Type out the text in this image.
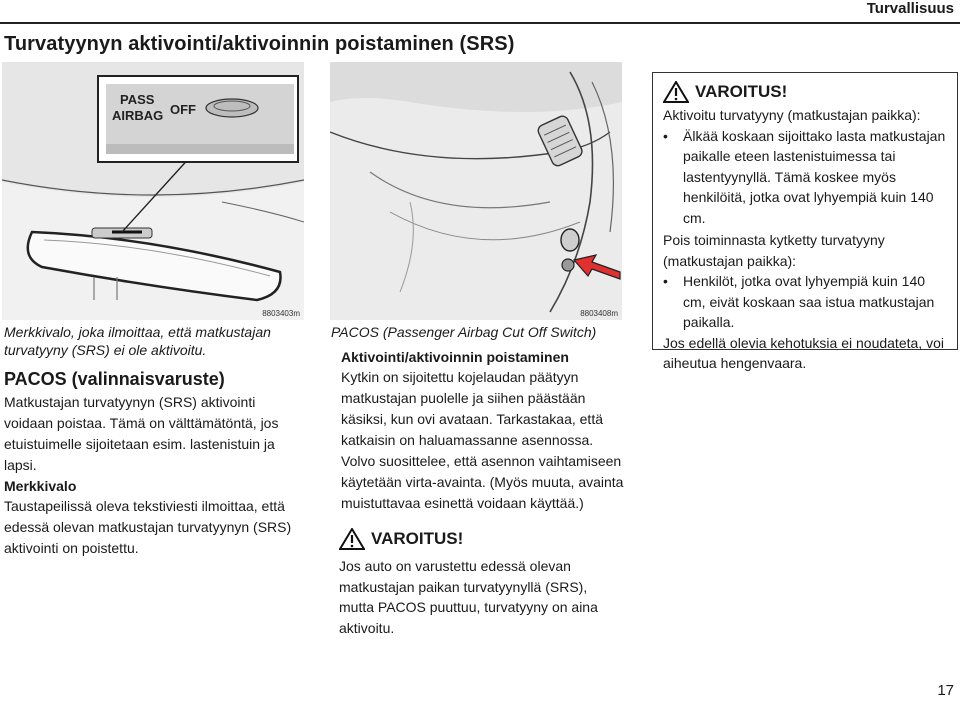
Turvallisuus
Turvatyynyn aktivointi/aktivoinnin poistaminen (SRS)
PASS
AIRBAG OFF
8803403m
Merkkivalo, joka ilmoittaa, että matkustajan turvatyyny (SRS) ei ole aktivoitu.
PACOS (valinnaisvaruste)

Matkustajan turvatyynyn (SRS) aktivointi voidaan poistaa. Tämä on välttämätöntä, jos etuistuimelle sijoitetaan esim. lastenistuin ja lapsi.

Merkkivalo

Taustapeilissä oleva tekstiviesti ilmoittaa, että edessä olevan matkustajan turvatyynyn (SRS) aktivointi on poistettu.

8803408m
PACOS (Passenger Airbag Cut Off Switch)
Aktivointi/aktivoinnin poistaminen

Kytkin on sijoitettu kojelaudan päätyyn matkustajan puolelle ja siihen päästään käsiksi, kun ovi avataan. Tarkastakaa, että katkaisin on haluamassanne asennossa. Volvo suosittelee, että asennon vaihtamiseen käytetään virta-avainta. (Myös muuta, avainta muistuttavaa esinettä voidaan käyttää.)

VAROITUS!
Jos auto on varustettu edessä olevan matkustajan paikan turvatyynyllä (SRS), mutta PACOS puuttuu, turvatyyny on aina aktivoitu.
VAROITUS!
Aktivoitu turvatyyny (matkustajan paikka):
•	Älkää koskaan sijoittako lasta matkustajan paikalle eteen lastenistuimessa tai lastentyynyllä. Tämä koskee myös henkilöitä, jotka ovat lyhyempiä kuin 140 cm.
Pois toiminnasta kytketty turvatyyny (matkustajan paikka):
•	Henkilöt, jotka ovat lyhyempiä kuin 140 cm, eivät koskaan saa istua matkustajan paikalla.
Jos edellä olevia kehotuksia ei noudateta, voi aiheutua hengenvaara.
17
